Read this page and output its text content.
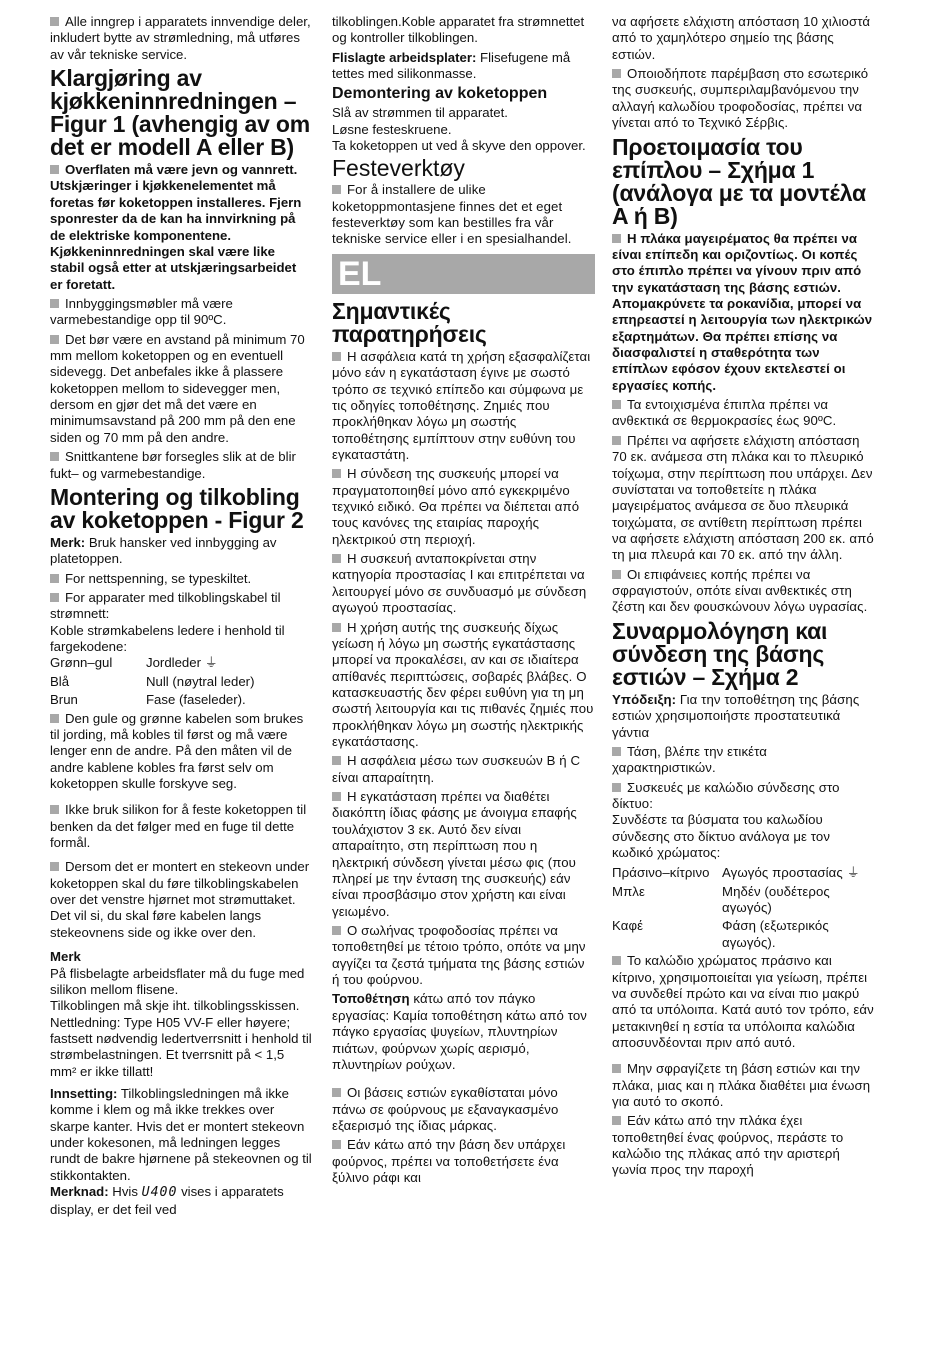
Alle inngrep i apparatets innvendige deler, inkludert bytte av strømledning, må utføres av vår tekniske service.

Klargjøring av kjøkkeninnredningen – Figur 1 (avhengig av om det er modell A eller B)

Overflaten må være jevn og vannrett. Utskjæringer i kjøkkenelementet må foretas før koketoppen installeres. Fjern sponrester da de kan ha innvirkning på de elektriske komponentene. Kjøkkeninnredningen skal være like stabil også etter at utskjæringsarbeidet er foretatt.

Innbyggingsmøbler må være varmebestandige opp til 90ºC.

Det bør være en avstand på minimum 70 mm mellom koketoppen og en eventuell sidevegg. Det anbefales ikke å plassere koketoppen mellom to sidevegger men, dersom en gjør det må det være en minimumsavstand på 200 mm på den ene siden og 70 mm på den andre.

Snittkantene bør forsegles slik at de blir fukt– og varmebestandige.

Montering og tilkobling av koketoppen - Figur 2

Merk: Bruk hansker ved innbygging av platetoppen.

For nettspenning, se typeskiltet.

For apparater med tilkoblingskabel til strømnett:

Koble strømkabelens ledere i henhold til fargekodene:

Grønn–gul	Jordleder ⏚
Blå	Null (nøytral leder)
Brun	Fase (faseleder).

Den gule og grønne kabelen som brukes til jording, må kobles til først og må være lenger enn de andre. På den måten vil de andre kablene kobles fra først selv om koketoppen skulle forskyve seg.

Ikke bruk silikon for å feste koketoppen til benken da det følger med en fuge til dette formål.

Dersom det er montert en stekeovn under koketoppen skal du føre tilkoblingskabelen over det venstre hjørnet mot strømuttaket. Det vil si, du skal føre kabelen langs stekeovnens side og ikke over den.

Merk

På flisbelagte arbeidsflater må du fuge med silikon mellom flisene.

Tilkoblingen må skje iht. tilkoblingsskissen. Nettledning: Type H05 VV-F eller høyere; fastsett nødvendig ledertverrsnitt i henhold til strømbelastningen. Et tverrsnitt på < 1,5 mm² er ikke tillatt!

Innsetting: Tilkoblingsledningen må ikke komme i klem og må ikke trekkes over skarpe kanter. Hvis det er montert stekeovn under kokesonen, må ledningen legges rundt de bakre hjørnene på stekeovnen og til stikkontakten.

Merknad: Hvis U400 vises i apparatets display, er det feil ved

tilkoblingen.Koble apparatet fra strømnettet og kontroller tilkoblingen.

Flislagte arbeidsplater: Flisefugene må tettes med silikonmasse.

Demontering av koketoppen

Slå av strømmen til apparatet.

Løsne festeskruene.

Ta koketoppen ut ved å skyve den oppover.

Festeverktøy

For å installere de ulike koketoppmontasjene finnes det et eget festeverktøy som kan bestilles fra vår tekniske service eller i en spesialhandel.

EL
Σημαντικές παρατηρήσεις

Η ασφάλεια κατά τη χρήση εξασφαλίζεται μόνο εάν η εγκατάσταση έγινε με σωστό τρόπο σε τεχνικό επίπεδο και σύμφωνα με τις οδηγίες τοποθέτησης. Ζημιές που προκλήθηκαν λόγω μη σωστής τοποθέτησης εμπίπτουν στην ευθύνη του εγκαταστάτη.

Η σύνδεση της συσκευής μπορεί να πραγματοποιηθεί μόνο από εγκεκριμένο τεχνικό ειδικό. Θα πρέπει να διέπεται από τους κανόνες της εταιρίας παροχής ηλεκτρικού στη περιοχή.

Η συσκευή ανταποκρίνεται στην κατηγορία προστασίας I και επιτρέπεται να λειτουργεί μόνο σε συνδυασμό με σύνδεση αγωγού προστασίας.

Η χρήση αυτής της συσκευής δίχως γείωση ή λόγω μη σωστής εγκατάστασης μπορεί να προκαλέσει, αν και σε ιδιαίτερα απίθανές περιπτώσεις, σοβαρές βλάβες. Ο κατασκευαστής δεν φέρει ευθύνη για τη μη σωστή λειτουργία και τις πιθανές ζημιές που προκλήθηκαν λόγω μη σωστής ηλεκτρικής εγκατάστασης.

Η ασφάλεια μέσω των συσκευών B ή C είναι απαραίτητη.

Η εγκατάσταση πρέπει να διαθέτει διακόπτη ίδιας φάσης με άνοιγμα επαφής τουλάχιστον 3 εκ. Αυτό δεν είναι απαραίτητο, στη περίπτωση που η ηλεκτρική σύνδεση γίνεται μέσω φις (που πληρεί με την ένταση της συσκευής) εάν είναι προσβάσιμο στον χρήστη και είναι γειωμένο.

Ο σωλήνας τροφοδοσίας πρέπει να τοποθετηθεί με τέτοιο τρόπο, οπότε να μην αγγίζει τα ζεστά τμήματα της βάσης εστιών ή του φούρνου.

Τοποθέτηση κάτω από τον πάγκο εργασίας: Καμία τοποθέτηση κάτω από τον πάγκο εργασίας ψυγείων, πλυντηρίων πιάτων, φούρνων χωρίς αερισμό, πλυντηρίων ρούχων.

Οι βάσεις εστιών εγκαθίσταται μόνο πάνω σε φούρνους με εξαναγκασμένο εξαερισμό της ίδιας μάρκας.

Εάν κάτω από την βάση δεν υπάρχει φούρνος, πρέπει να τοποθετήσετε ένα ξύλινο ράφι και

να αφήσετε ελάχιστη απόσταση 10 χιλιοστά από το χαμηλότερο σημείο της βάσης εστιών.

Οποιοδήποτε παρέμβαση στο εσωτερικό της συσκευής, συμπεριλαμβανόμενου την αλλαγή καλωδίου τροφοδοσίας, πρέπει να γίνεται από το Τεχνικό Σέρβις.

Προετοιμασία του επίπλου – Σχήμα 1 (ανάλογα με τα μοντέλα A ή B)

Η πλάκα μαγειρέματος θα πρέπει να είναι επίπεδη και οριζοντίως. Οι κοπές στο έπιπλο πρέπει να γίνουν πριν από την εγκατάσταση της βάσης εστιών. Απομακρύνετε τα ροκανίδια, μπορεί να επηρεαστεί η λειτουργία των ηλεκτρικών εξαρτημάτων. Θα πρέπει επίσης να διασφαλιστεί η σταθερότητα των επίπλων εφόσον έχουν εκτελεστεί οι εργασίες κοπής.

Τα εντοιχισμένα έπιπλα πρέπει να ανθεκτικά σε θερμοκρασίες έως 90ºC.

Πρέπει να αφήσετε ελάχιστη απόσταση 70 εκ. ανάμεσα στη πλάκα και το πλευρικό τοίχωμα, στην περίπτωση που υπάρχει. Δεν συνίσταται να τοποθετείτε η πλάκα μαγειρέματος ανάμεσα σε δυο πλευρικά τοιχώματα, σε αντίθετη περίπτωση πρέπει να αφήσετε ελάχιστη απόσταση 200 εκ. από τη μια πλευρά και 70 εκ. από την άλλη.

Οι επιφάνειες κοπής πρέπει να σφραγιστούν, οπότε είναι ανθεκτικές στη ζέστη και δεν φουσκώνουν λόγω υγρασίας.

Συναρμολόγηση και σύνδεση της βάσης εστιών – Σχήμα 2

Υπόδειξη: Για την τοποθέτηση της βάσης εστιών χρησιμοποιήστε προστατευτικά γάντια

Τάση, βλέπε την ετικέτα χαρακτηριστικών.

Συσκευές με καλώδιο σύνδεσης στο δίκτυο:

Συνδέστε τα βύσματα του καλωδίου σύνδεσης στο δίκτυο ανάλογα με τον κωδικό χρώματος:

Πράσινο–κίτρινο Αγωγός προστασίας ⏚
Μπλε	Μηδέν (ουδέτερος αγωγός)
Καφέ	Φάση (εξωτερικός αγωγός).

Το καλώδιο χρώματος πράσινο και κίτρινο, χρησιμοποιείται για γείωση, πρέπει να συνδεθεί πρώτο και να είναι πιο μακρύ από τα υπόλοιπα. Κατά αυτό τον τρόπο, εάν μετακινηθεί η εστία τα υπόλοιπα καλώδια αποσυνδέονται πριν από αυτό.

Μην σφραγίζετε τη βάση εστιών και την πλάκα, μιας και η πλάκα διαθέτει μια ένωση για αυτό το σκοπό.

Εάν κάτω από την πλάκα έχει τοποθετηθεί ένας φούρνος, περάστε το καλώδιο της πλάκας από την αριστερή γωνία προς την παροχή
